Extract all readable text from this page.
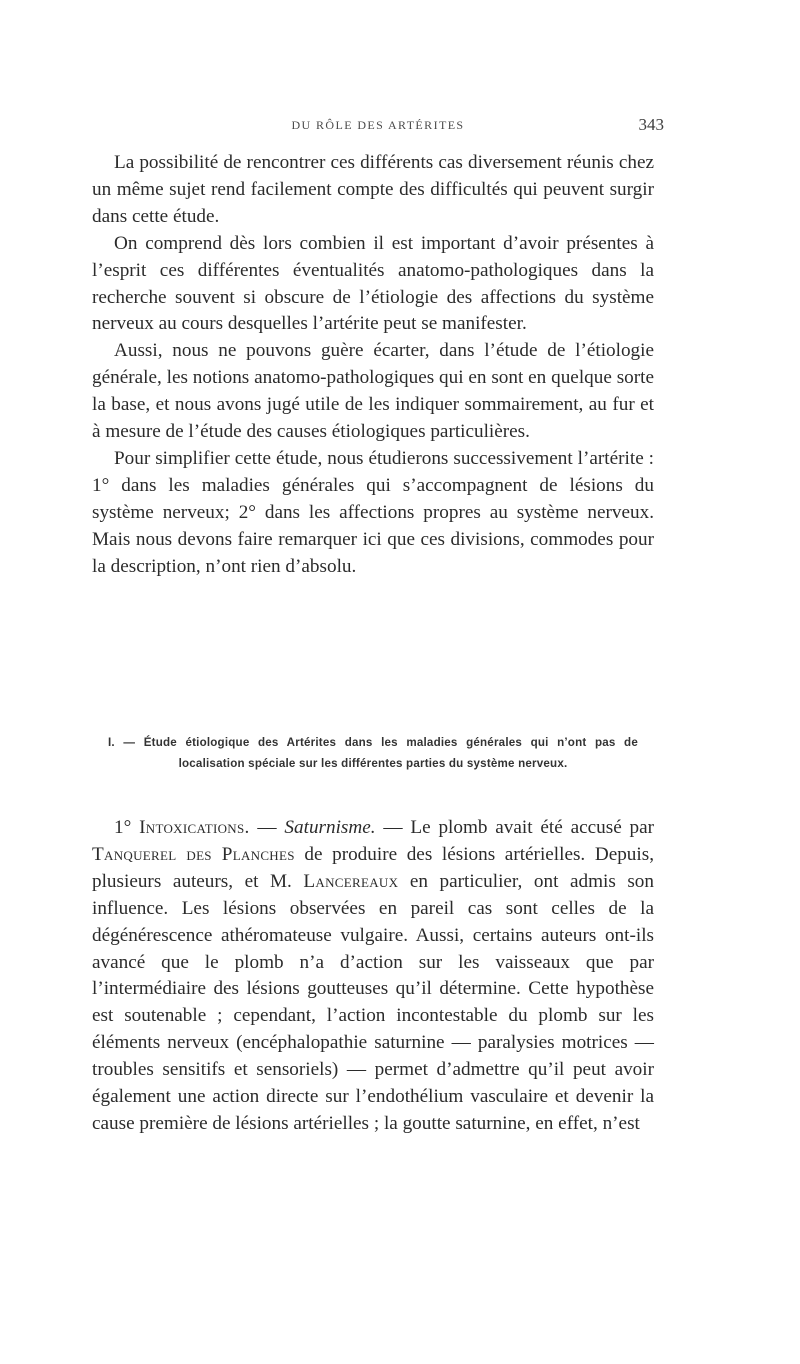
DU RÔLE DES ARTÉRITES	343

La possibilité de rencontrer ces différents cas diversement réunis chez un même sujet rend facilement compte des difficultés qui peuvent surgir dans cette étude.

On comprend dès lors combien il est important d’avoir présentes à l’esprit ces différentes éventualités anatomo-pathologiques dans la recherche souvent si obscure de l’étiologie des affections du système nerveux au cours desquelles l’artérite peut se manifester.

Aussi, nous ne pouvons guère écarter, dans l’étude de l’étiologie générale, les notions anatomo-pathologiques qui en sont en quelque sorte la base, et nous avons jugé utile de les indiquer sommairement, au fur et à mesure de l’étude des causes étiologiques particulières.

Pour simplifier cette étude, nous étudierons successivement l’artérite : 1° dans les maladies générales qui s’accompagnent de lésions du système nerveux; 2° dans les affections propres au système nerveux. Mais nous devons faire remarquer ici que ces divisions, commodes pour la description, n’ont rien d’absolu.

I. — Étude étiologique des Artérites dans les maladies générales qui n’ont pas de localisation spéciale sur les différentes parties du système nerveux.

1° Intoxications. — Saturnisme. — Le plomb avait été accusé par Tanquerel des Planches de produire des lésions artérielles. Depuis, plusieurs auteurs, et M. Lancereaux en particulier, ont admis son influence. Les lésions observées en pareil cas sont celles de la dégénérescence athéromateuse vulgaire. Aussi, certains auteurs ont-ils avancé que le plomb n’a d’action sur les vaisseaux que par l’intermédiaire des lésions goutteuses qu’il détermine. Cette hypothèse est soutenable ; cependant, l’action incontestable du plomb sur les éléments nerveux (encéphalopathie saturnine — paralysies motrices — troubles sensitifs et sensoriels) — permet d’admettre qu’il peut avoir également une action directe sur l’endothélium vasculaire et devenir la cause première de lésions artérielles ; la goutte saturnine, en effet, n’est
